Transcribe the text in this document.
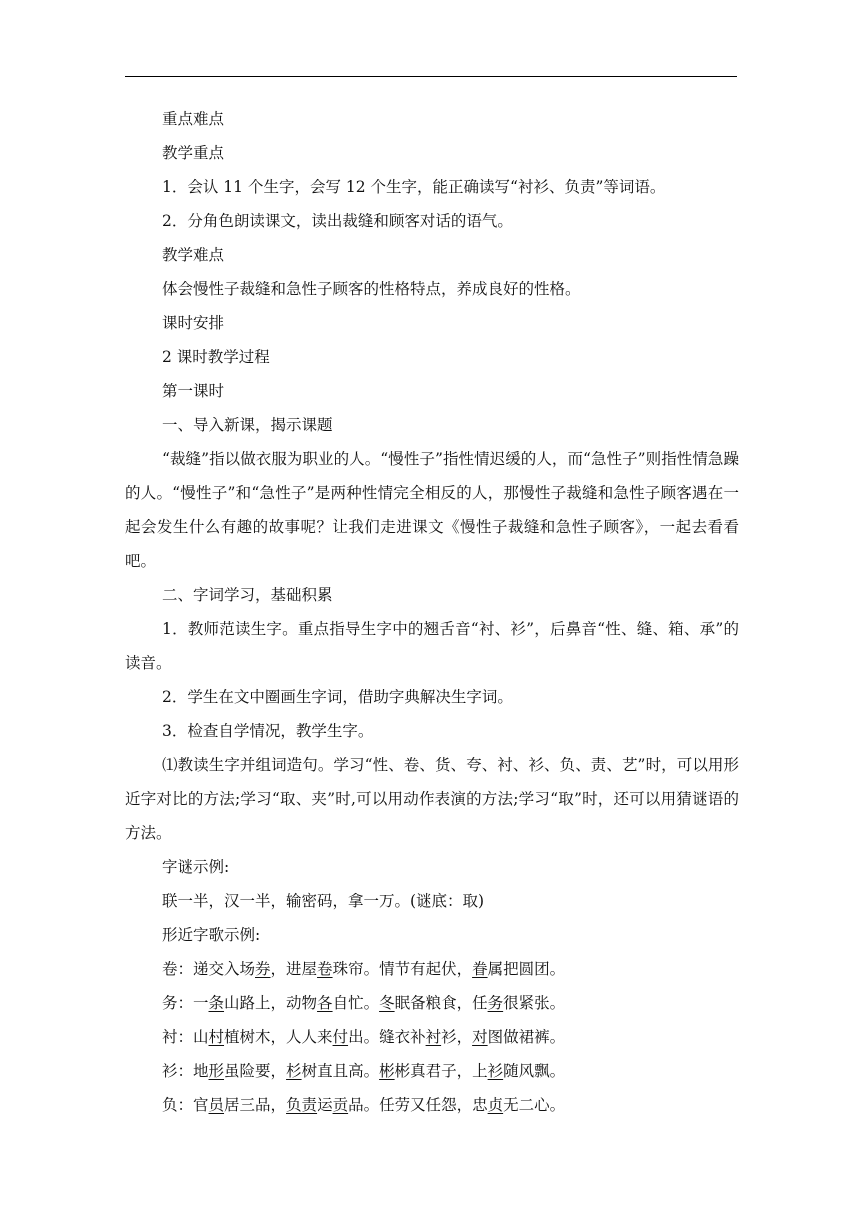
重点难点
教学重点
1．会认 11 个生字，会写 12 个生字，能正确读写“衬衫、负责”等词语。
2．分角色朗读课文，读出裁缝和顾客对话的语气。
教学难点
体会慢性子裁缝和急性子顾客的性格特点，养成良好的性格。
课时安排
2 课时教学过程
第一课时
一、导入新课，揭示课题

“裁缝”指以做衣服为职业的人。“慢性子”指性情迟缓的人，而“急性子”则指性情急躁的人。“慢性子”和“急性子”是两种性情完全相反的人，那慢性子裁缝和急性子顾客遇在一起会发生什么有趣的故事呢？让我们走进课文《慢性子裁缝和急性子顾客》，一起去看看吧。

二、字词学习，基础积累

1．教师范读生字。重点指导生字中的翘舌音“衬、衫”，后鼻音“性、缝、箱、承”的读音。

2．学生在文中圈画生字词，借助字典解决生字词。
3．检查自学情况，教学生字。

⑴教读生字并组词造句。学习“性、卷、货、夸、衬、衫、负、责、艺”时，可以用形近字对比的方法;学习“取、夹”时,可以用动作表演的方法;学习“取”时，还可以用猜谜语的方法。

字谜示例:
联一半，汉一半，输密码，拿一万。(谜底：取)
形近字歌示例:
卷：递交入场券，进屋卷珠帘。情节有起伏，眷属把圆团。
务：一条山路上，动物各自忙。冬眠备粮食，任务很紧张。
衬：山村植树木，人人来付出。缝衣补衬衫，对图做裙裤。
衫：地形虽险要，杉树直且高。彬彬真君子，上衫随风飘。
负：官员居三品，负责运贡品。任劳又任怨，忠贞无二心。
